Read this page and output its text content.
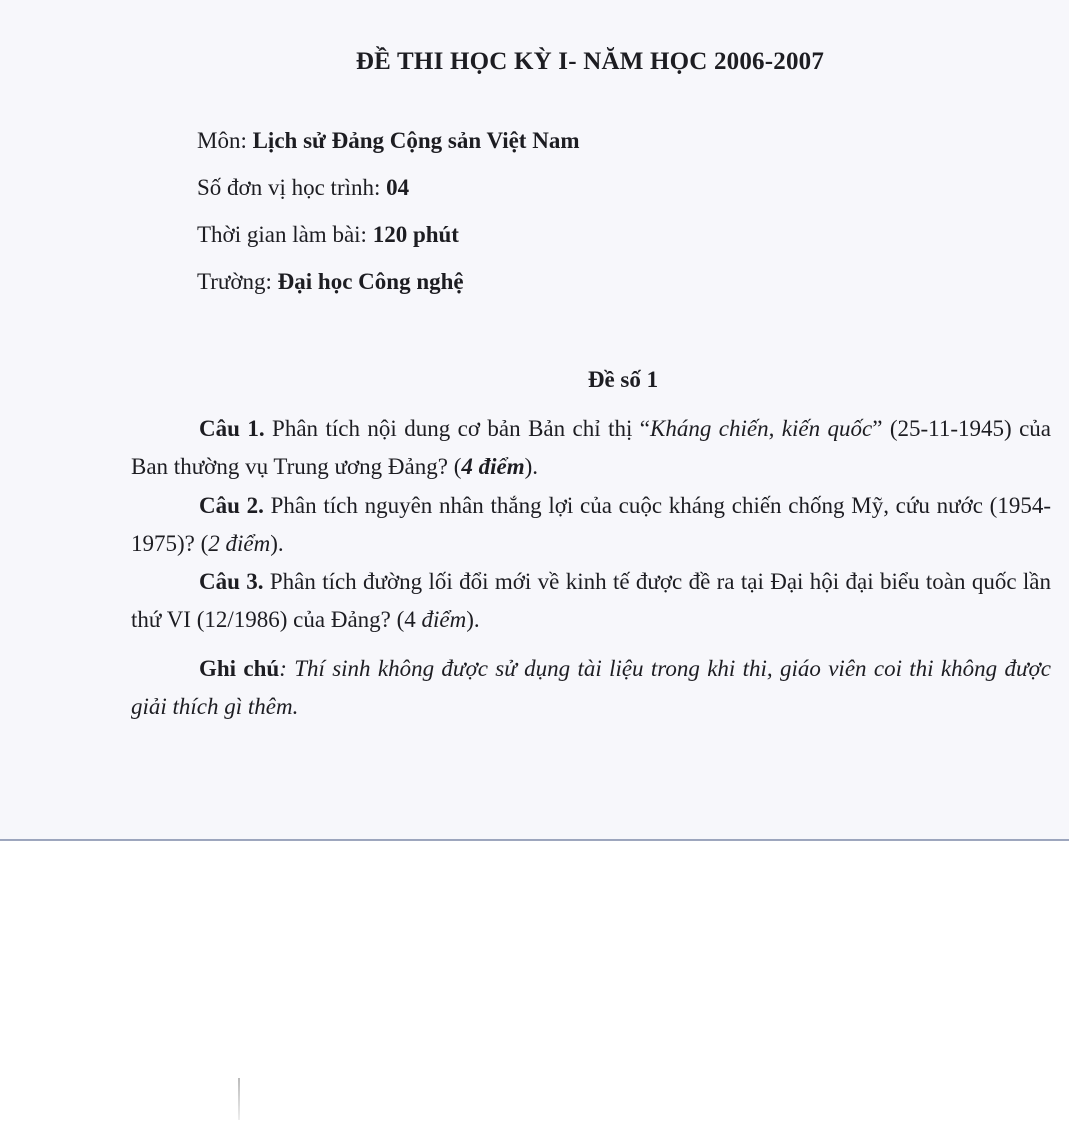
ĐỀ THI HỌC KỲ I- NĂM HỌC 2006-2007
Môn: Lịch sử Đảng Cộng sản Việt Nam
Số đơn vị học trình: 04
Thời gian làm bài: 120 phút
Trường: Đại học Công nghệ
Đề số 1

Câu 1. Phân tích nội dung cơ bản Bản chỉ thị “Kháng chiến, kiến quốc” (25-11-1945) của Ban thường vụ Trung ương Đảng? (4 điểm).

Câu 2. Phân tích nguyên nhân thắng lợi của cuộc kháng chiến chống Mỹ, cứu nước (1954-1975)? (2 điểm).

Câu 3. Phân tích đường lối đổi mới về kinh tế được đề ra tại Đại hội đại biểu toàn quốc lần thứ VI (12/1986) của Đảng? (4 điểm).

Ghi chú: Thí sinh không được sử dụng tài liệu trong khi thi, giáo viên coi thi không được giải thích gì thêm.
